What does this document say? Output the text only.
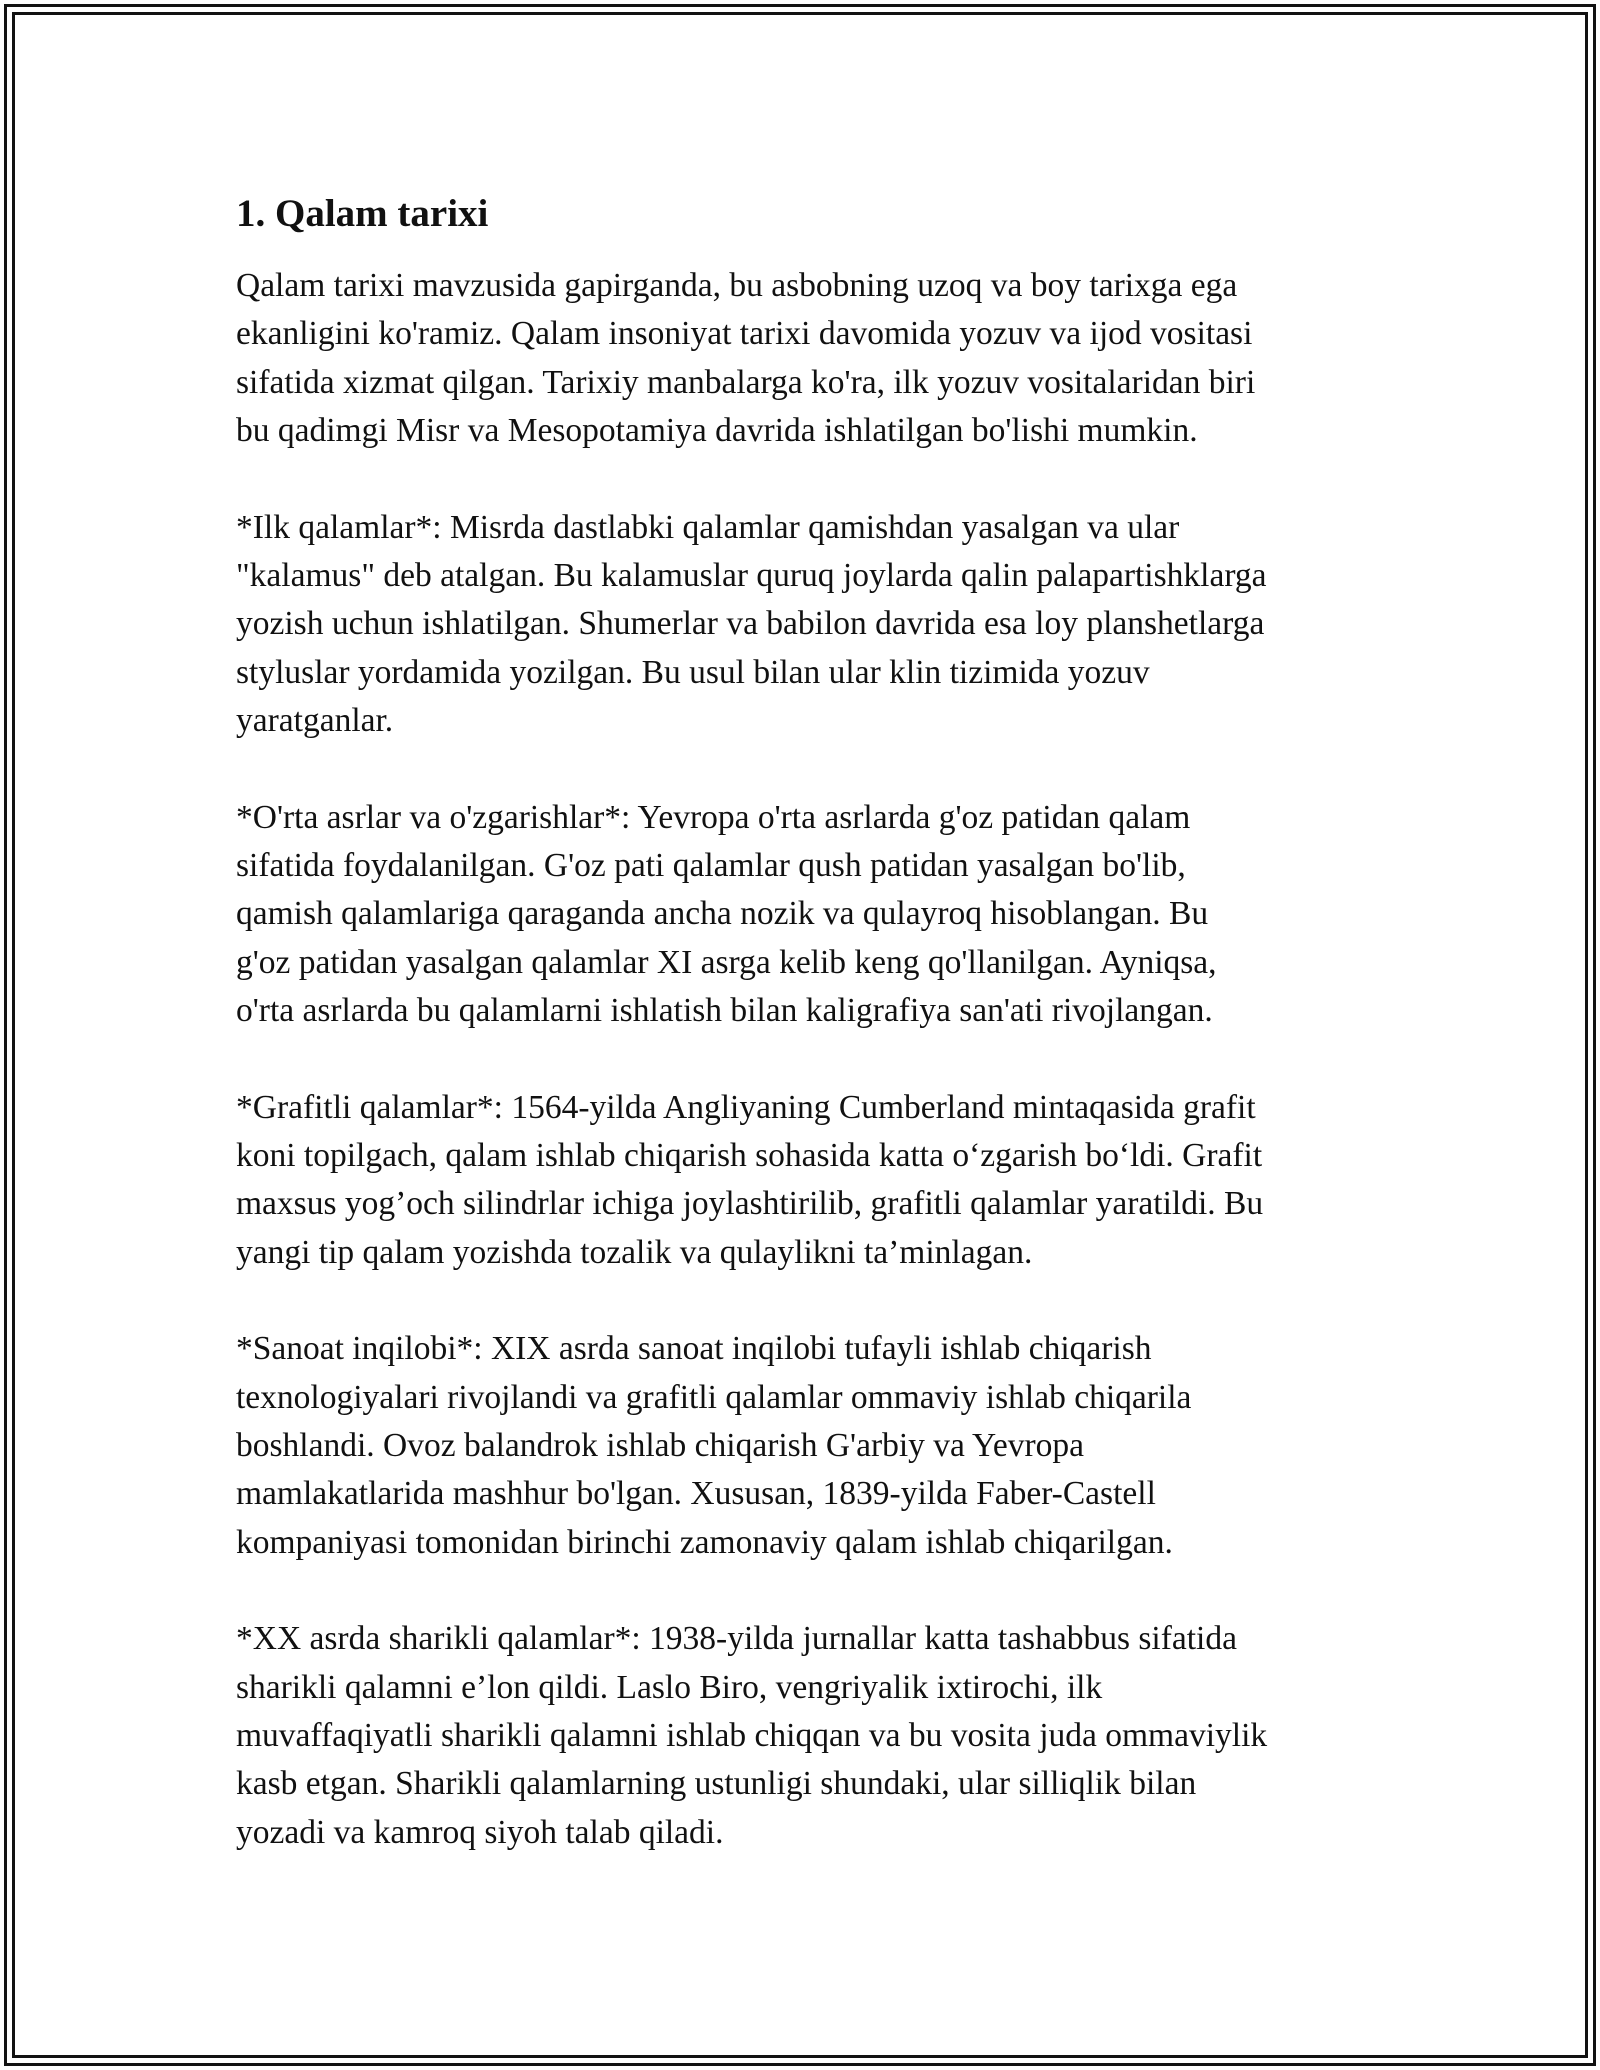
1. Qalam tarixi

Qalam tarixi mavzusida gapirganda, bu asbobning uzoq va boy tarixga ega
ekanligini ko'ramiz. Qalam insoniyat tarixi davomida yozuv va ijod vositasi
sifatida xizmat qilgan. Tarixiy manbalarga ko'ra, ilk yozuv vositalaridan biri
bu qadimgi Misr va Mesopotamiya davrida ishlatilgan bo'lishi mumkin.

*Ilk qalamlar*: Misrda dastlabki qalamlar qamishdan yasalgan va ular
"kalamus" deb atalgan. Bu kalamuslar quruq joylarda qalin palapartishklarga
yozish uchun ishlatilgan. Shumerlar va babilon davrida esa loy planshetlarga
styluslar yordamida yozilgan. Bu usul bilan ular klin tizimida yozuv
yaratganlar.

*O'rta asrlar va o'zgarishlar*: Yevropa o'rta asrlarda g'oz patidan qalam
sifatida foydalanilgan. G'oz pati qalamlar qush patidan yasalgan bo'lib,
qamish qalamlariga qaraganda ancha nozik va qulayroq hisoblangan. Bu
g'oz patidan yasalgan qalamlar XI asrga kelib keng qo'llanilgan. Ayniqsa,
o'rta asrlarda bu qalamlarni ishlatish bilan kaligrafiya san'ati rivojlangan.

*Grafitli qalamlar*: 1564-yilda Angliyaning Cumberland mintaqasida grafit
koni topilgach, qalam ishlab chiqarish sohasida katta o‘zgarish bo‘ldi. Grafit
maxsus yog’och silindrlar ichiga joylashtirilib, grafitli qalamlar yaratildi. Bu
yangi tip qalam yozishda tozalik va qulaylikni ta’minlagan.

*Sanoat inqilobi*: XIX asrda sanoat inqilobi tufayli ishlab chiqarish
texnologiyalari rivojlandi va grafitli qalamlar ommaviy ishlab chiqarila
boshlandi. Ovoz balandrok ishlab chiqarish G'arbiy va Yevropa
mamlakatlarida mashhur bo'lgan. Xususan, 1839-yilda Faber-Castell
kompaniyasi tomonidan birinchi zamonaviy qalam ishlab chiqarilgan.

*XX asrda sharikli qalamlar*: 1938-yilda jurnallar katta tashabbus sifatida
sharikli qalamni e’lon qildi. Laslo Biro, vengriyalik ixtirochi, ilk
muvaffaqiyatli sharikli qalamni ishlab chiqqan va bu vosita juda ommaviylik
kasb etgan. Sharikli qalamlarning ustunligi shundaki, ular silliqlik bilan
yozadi va kamroq siyoh talab qiladi.
